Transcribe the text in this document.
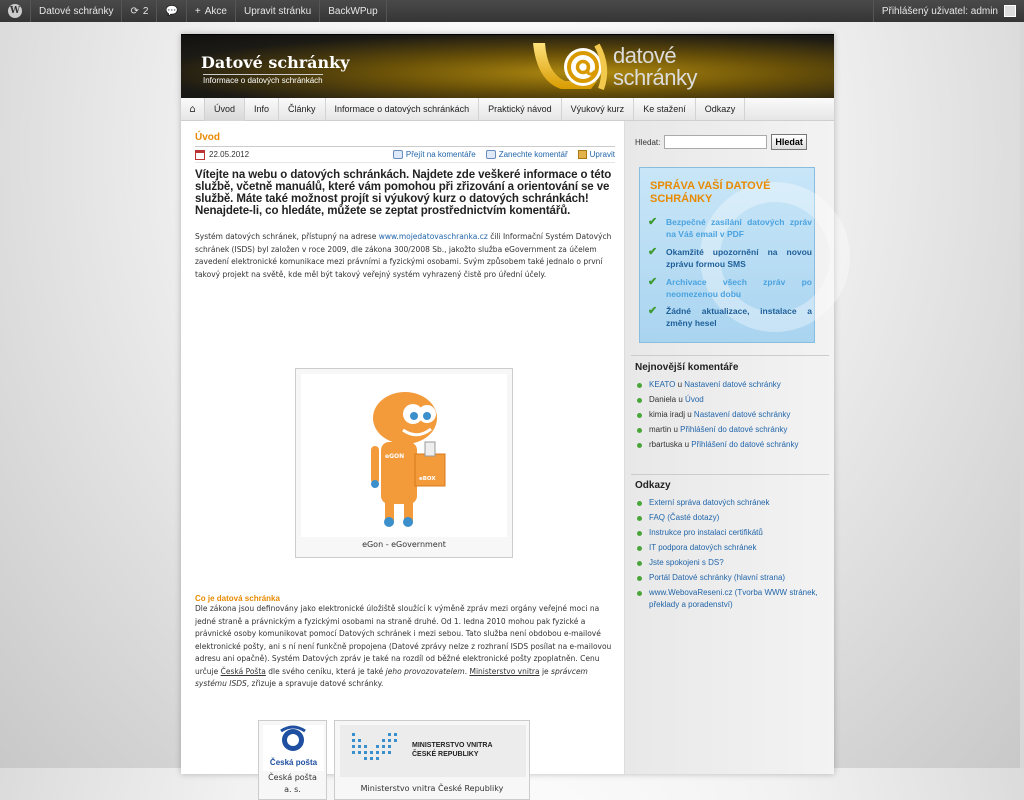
W	Datové schránky	⟳ 2 💬 + Akce	Upravit stránku	BackWPup	Přihlášený uživatel: admin
Datové schránky
Informace o datových schránkách
datové
schránky
⌂	Úvod	Info	Články	Informace o datových schránkách	Praktický návod	Výukový kurz	Ke stažení	Odkazy
Úvod
22.05.2012	Přejít na komentáře	Zanechte komentář	Upravit
Vítejte na webu o datových schránkách. Najdete zde veškeré informace o této službě, včetně manuálů, které vám pomohou při zřizování a orientování se ve službě. Máte také možnost projít si výukový kurz o datových schránkách! Nenajdete-li, co hledáte, můžete se zeptat prostřednictvím komentářů.
Systém datových schránek, přístupný na adrese www.mojedatovaschranka.cz čili Informační Systém Datových schránek (ISDS) byl založen v roce 2009, dle zákona 300/2008 Sb., jakožto služba eGovernment za účelem zavedení elektronické komunikace mezi právními a fyzickými osobami. Svým způsobem také jednalo o první takový projekt na světě, kde měl být takový veřejný systém vyhrazený čistě pro úřední účely.
eGON
eBOX
eGon - eGovernment
Co je datová schránka
Dle zákona jsou definovány jako elektronické úložiště sloužící k výměně zpráv mezi orgány veřejné moci na jedné straně a právnickým a fyzickými osobami na straně druhé. Od 1. ledna 2010 mohou pak fyzické a právnické osoby komunikovat pomocí Datových schránek i mezi sebou. Tato služba není obdobou e-mailové elektronické pošty, ani s ní není funkčně propojena (Datové zprávy nelze z rozhraní ISDS posílat na e-mailovou adresu ani opačně). Systém Datových zpráv je také na rozdíl od běžné elektronické pošty zpoplatněn. Cenu určuje Česká Pošta dle svého ceníku, která je také jeho provozovatelem. Ministerstvo vnitra je správcem systému ISDS, zřizuje a spravuje datové schránky.
Česká pošta
Česká pošta
a. s.
MINISTERSTVO VNITRA
ČESKÉ REPUBLIKY
Ministerstvo vnitra České Republiky
Hledat:	Hledat
SPRÁVA VAŠÍ DATOVÉ SCHRÁNKY
✔	Bezpečné zasílání datových zpráv na Váš email v PDF
✔	Okamžité upozornění na novou zprávu formou SMS
✔	Archivace všech zpráv po neomezenou dobu
✔	Žádné aktualizace, instalace a změny hesel
Nejnovější komentáře
KEATO u Nastavení datové schránky
Daniela u Úvod
kimia iradj u Nastavení datové schránky
martin u Přihlášení do datové schránky
rbartuska u Přihlášení do datové schránky
Odkazy
Externí správa datových schránek
FAQ (Časté dotazy)
Instrukce pro instalaci certifikátů
IT podpora datových schránek
Jste spokojeni s DS?
Portál Datové schránky (hlavní strana)
www.WebovaReseni.cz (Tvorba WWW stránek, překlady a poradenství)
